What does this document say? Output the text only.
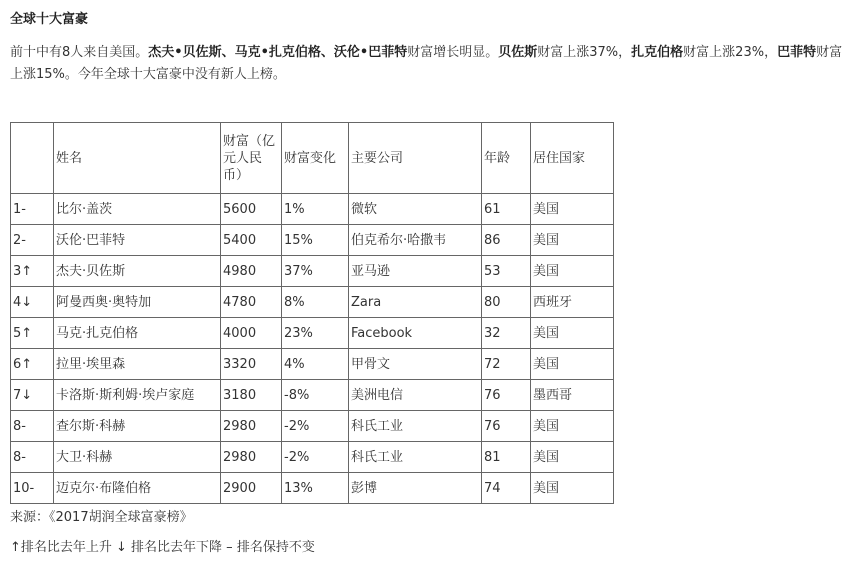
全球十大富豪
前十中有8人来自美国。杰夫•贝佐斯、马克•扎克伯格、沃伦•巴菲特财富增长明显。贝佐斯财富上涨37%，扎克伯格财富上涨23%，巴菲特财富上涨15%。今年全球十大富豪中没有新人上榜。
	姓名	财富（亿元人民币）	财富变化	主要公司	年龄	居住国家
1-	比尔·盖茨	5600	1%	微软	61	美国
2-	沃伦·巴菲特	5400	15%	伯克希尔·哈撒韦	86	美国
3↑	杰夫·贝佐斯	4980	37%	亚马逊	53	美国
4↓	阿曼西奥·奥特加	4780	8%	Zara	80	西班牙
5↑	马克·扎克伯格	4000	23%	Facebook	32	美国
6↑	拉里·埃里森	3320	4%	甲骨文	72	美国
7↓	卡洛斯·斯利姆·埃卢家庭	3180	-8%	美洲电信	76	墨西哥
8-	查尔斯·科赫	2980	-2%	科氏工业	76	美国
8-	大卫·科赫	2980	-2%	科氏工业	81	美国
10-	迈克尔·布隆伯格	2900	13%	彭博	74	美国
来源：《2017胡润全球富豪榜》
↑排名比去年上升 ↓ 排名比去年下降 – 排名保持不变
